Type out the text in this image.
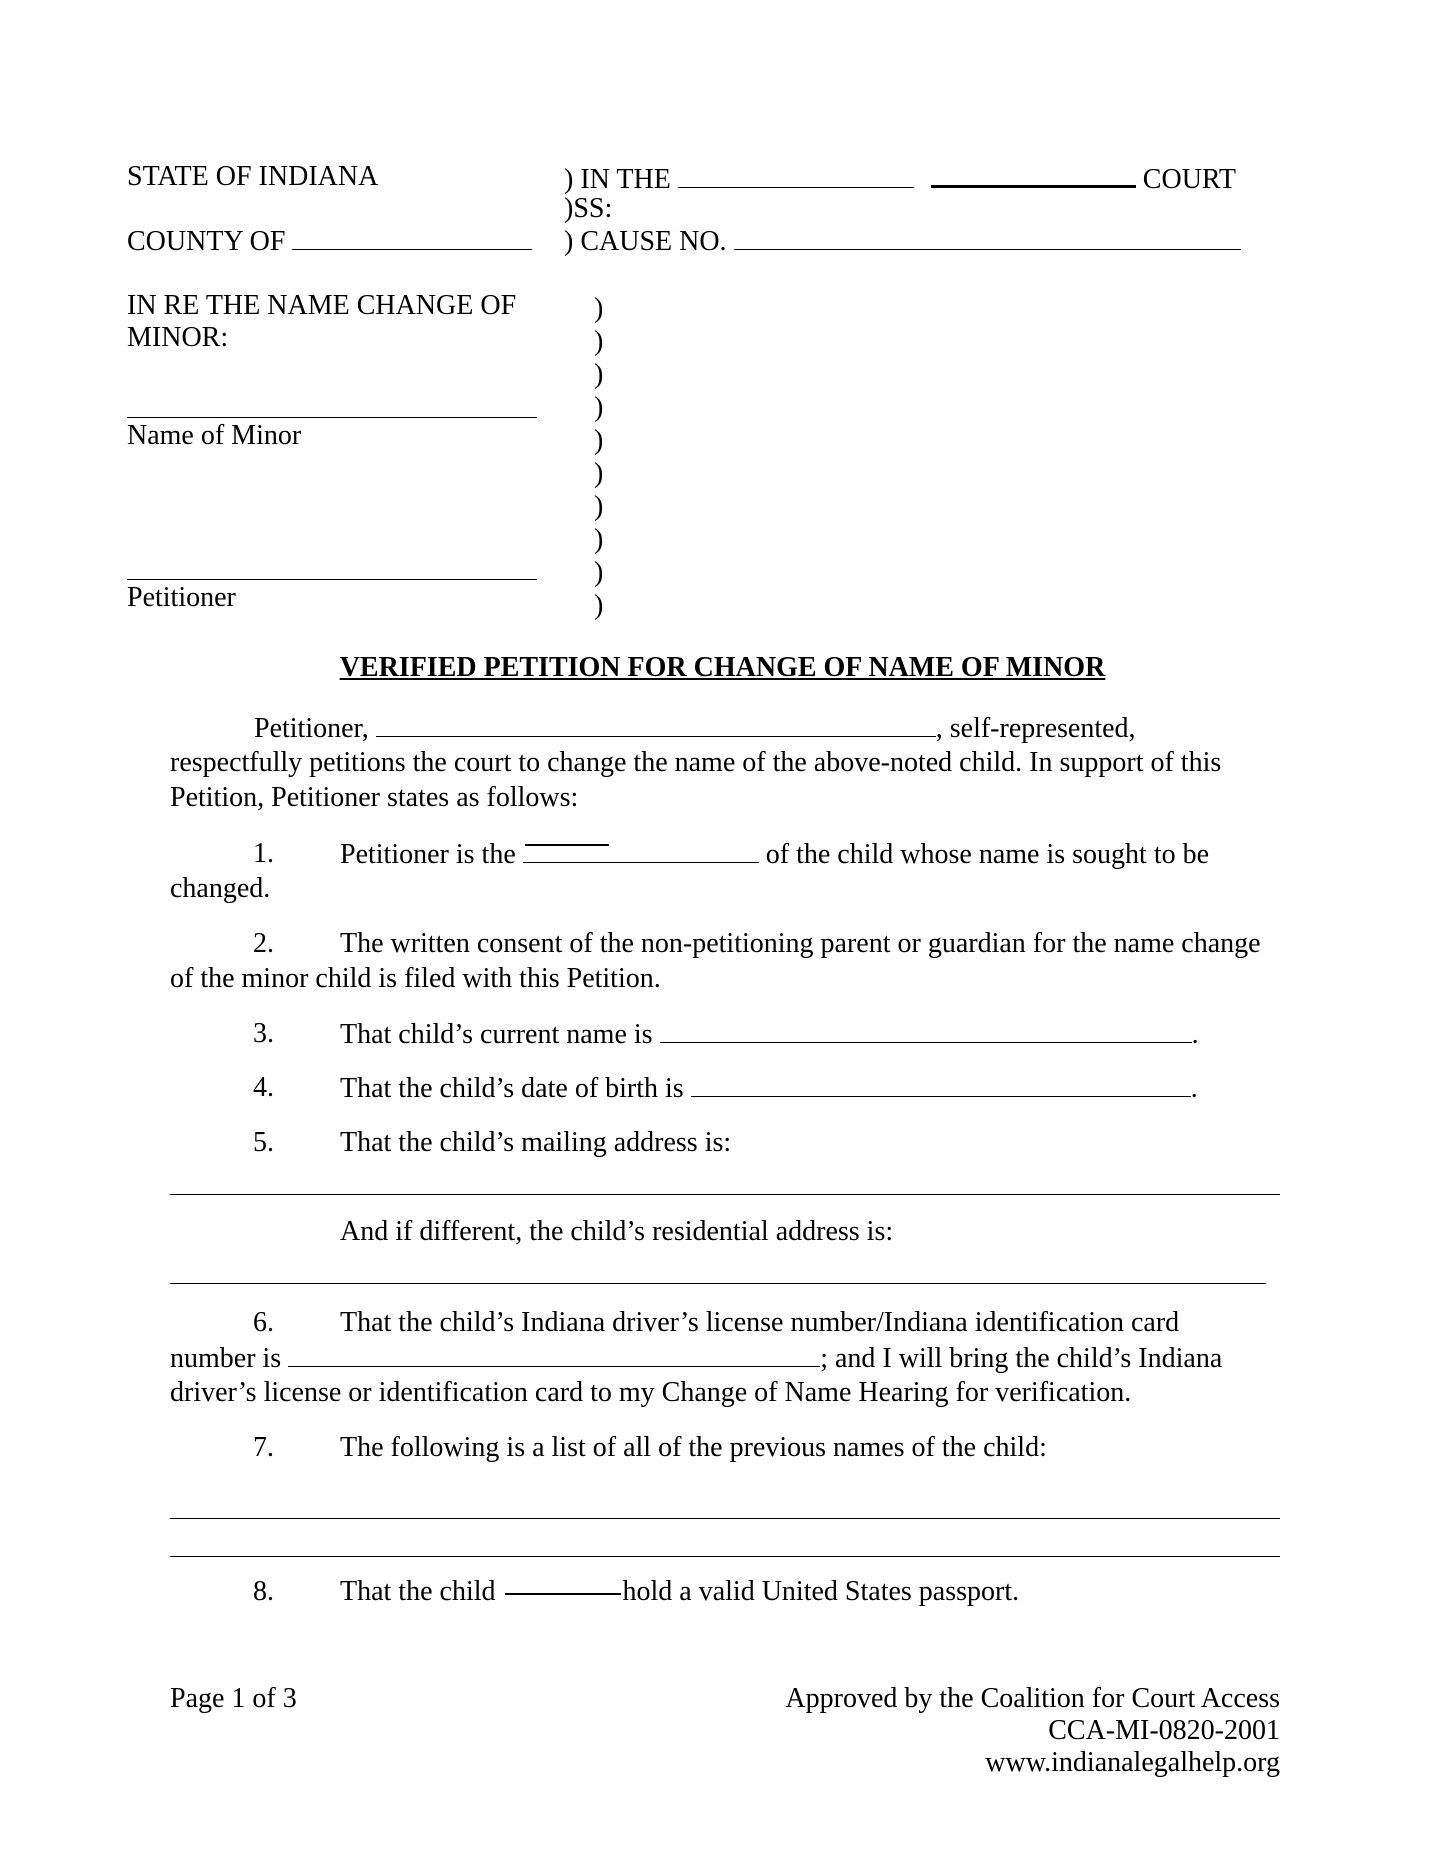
STATE OF INDIANA	) IN THE	COURT
)SS:
COUNTY OF	) CAUSE NO.
IN RE THE NAME CHANGE OF
MINOR:
Name of Minor
Petitioner
)
)
)
)
)
)
)
)
)
)
VERIFIED PETITION FOR CHANGE OF NAME OF MINOR
Petitioner,	, self-represented,
respectfully petitions the court to change the name of the above-noted child. In support of this
Petition, Petitioner states as follows:
1. Petitioner is the	of the child whose name is sought to be
changed.
2. The written consent of the non-petitioning parent or guardian for the name change
of the minor child is filed with this Petition.
3. That child’s current name is	.
4. That the child’s date of birth is	.
5. That the child’s mailing address is:
And if different, the child’s residential address is:
6. That the child’s Indiana driver’s license number/Indiana identification card
number is	; and I will bring the child’s Indiana
driver’s license or identification card to my Change of Name Hearing for verification.
7. The following is a list of all of the previous names of the child:
8. That the child	hold a valid United States passport.
Page 1 of 3	Approved by the Coalition for Court Access
CCA-MI-0820-2001
www.indianalegalhelp.org
